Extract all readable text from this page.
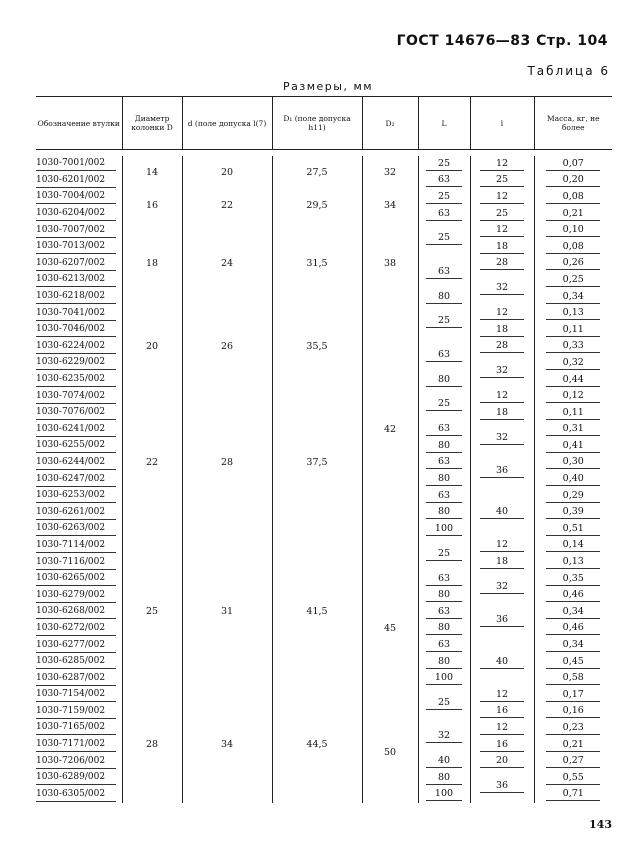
ГОСТ 14676—83 Стр. 104
Таблица 6
Размеры, мм
Обозначение втулки	Диаметр колонки D	d (поле допуска l(7)	D₁ (поле допуска h11)	D₂	L	l	Масса, кг, не более

1030-7001/002	14	20	27,5	32	25	12	0,07
1030-6201/002					63	25	0,20
1030-7004/002	16	22	29,5	34	25	12	0,08
1030-6204/002					63	25	0,21
1030-7007/002	18	24	31,5	38	25	12	0,10
1030-7013/002						18	0,08
1030-6207/002					63	28	0,26
1030-6213/002						32	0,25
1030-6218/002					80		0,34
1030-7041/002	20	26	35,5	42	25	12	0,13
1030-7046/002						18	0,11
1030-6224/002					63	28	0,33
1030-6229/002						32	0,32
1030-6235/002					80		0,44
1030-7074/002	22	28	37,5		25	12	0,12
1030-7076/002						18	0,11
1030-6241/002					63	32	0,31
1030-6255/002					80		0,41
1030-6244/002					63	36	0,30
1030-6247/002					80		0,40
1030-6253/002					63	40	0,29
1030-6261/002					80		0,39
1030-6263/002					100		0,51
1030-7114/002	25	31	41,5		25	12	0,14
1030-7116/002				45		18	0,13
1030-6265/002					63	32	0,35
1030-6279/002					80		0,46
1030-6268/002					63	36	0,34
1030-6272/002					80		0,46
1030-6277/002					63	40	0,34
1030-6285/002					80		0,45
1030-6287/002					100		0,58
1030-7154/002	28	34	44,5		25	12	0,17
1030-7159/002				50		16	0,16
1030-7165/002					32	12	0,23
1030-7171/002						16	0,21
1030-7206/002					40	20	0,27
1030-6289/002					80	36	0,55
1030-6305/002					100		0,71
143
